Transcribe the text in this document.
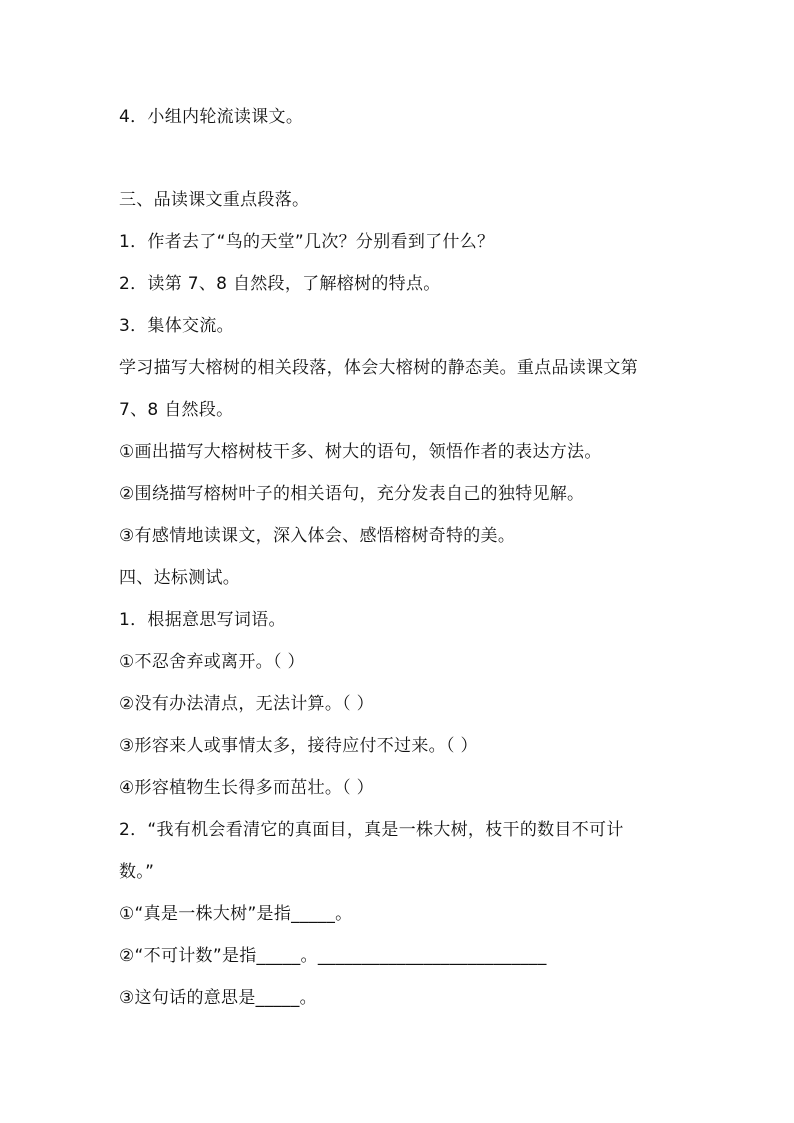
4．小组内轮流读课文。
三、品读课文重点段落。
1．作者去了“鸟的天堂”几次？分别看到了什么？
2．读第 7、8 自然段，了解榕树的特点。
3．集体交流。
学习描写大榕树的相关段落，体会大榕树的静态美。重点品读课文第
7、8 自然段。
①画出描写大榕树枝干多、树大的语句，领悟作者的表达方法。
②围绕描写榕树叶子的相关语句，充分发表自己的独特见解。
③有感情地读课文，深入体会、感悟榕树奇特的美。
四、达标测试。
1．根据意思写词语。
①不忍舍弃或离开。（ ）
②没有办法清点，无法计算。（ ）
③形容来人或事情太多，接待应付不过来。（ ）
④形容植物生长得多而茁壮。（ ）
2．“我有机会看清它的真面目，真是一株大树，枝干的数目不可计
数。”
①“真是一株大树”是指_____。
②“不可计数”是指_____。__________________________
③这句话的意思是_____。
